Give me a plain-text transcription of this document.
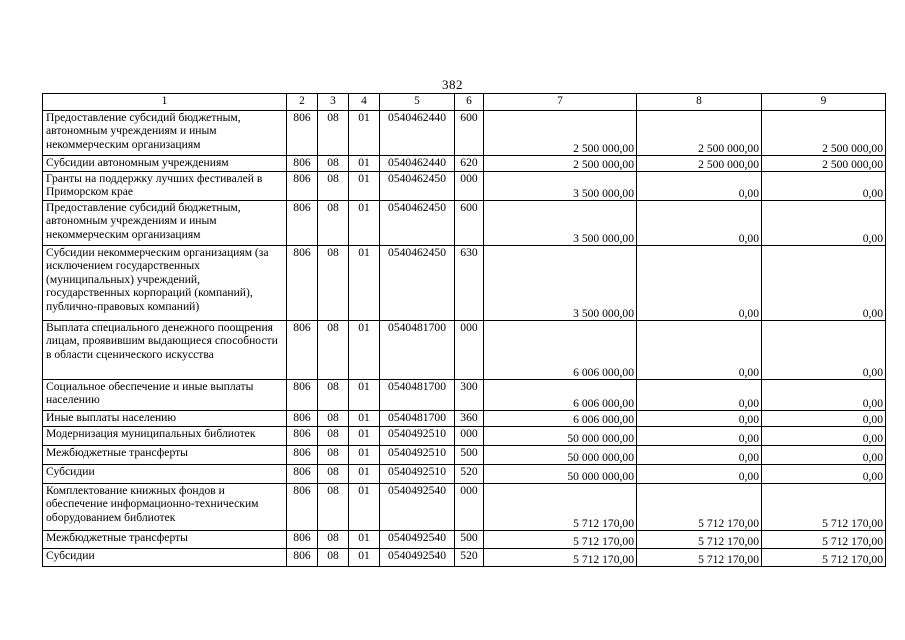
382
1	2	3	4	5	6	7	8	9
Предоставление субсидий бюджетным, автономным учреждениям и иным некоммерческим организациям	806	08	01	0540462440	600	2 500 000,00	2 500 000,00	2 500 000,00
Субсидии автономным учреждениям	806	08	01	0540462440	620	2 500 000,00	2 500 000,00	2 500 000,00
Гранты на поддержку лучших фестивалей в Приморском крае	806	08	01	0540462450	000	3 500 000,00	0,00	0,00
Предоставление субсидий бюджетным, автономным учреждениям и иным некоммерческим организациям	806	08	01	0540462450	600	3 500 000,00	0,00	0,00
Субсидии некоммерческим организациям (за исключением государственных (муниципальных) учреждений, государственных корпораций (компаний), публично-правовых компаний)	806	08	01	0540462450	630	3 500 000,00	0,00	0,00
Выплата специального денежного поощрения лицам, проявившим выдающиеся способности в области сценического искусства	806	08	01	0540481700	000	6 006 000,00	0,00	0,00
Социальное обеспечение и иные выплаты населению	806	08	01	0540481700	300	6 006 000,00	0,00	0,00
Иные выплаты населению	806	08	01	0540481700	360	6 006 000,00	0,00	0,00
Модернизация муниципальных библиотек	806	08	01	0540492510	000	50 000 000,00	0,00	0,00
Межбюджетные трансферты	806	08	01	0540492510	500	50 000 000,00	0,00	0,00
Субсидии	806	08	01	0540492510	520	50 000 000,00	0,00	0,00
Комплектование книжных фондов и обеспечение информационно-техническим оборудованием библиотек	806	08	01	0540492540	000	5 712 170,00	5 712 170,00	5 712 170,00
Межбюджетные трансферты	806	08	01	0540492540	500	5 712 170,00	5 712 170,00	5 712 170,00
Субсидии	806	08	01	0540492540	520	5 712 170,00	5 712 170,00	5 712 170,00
